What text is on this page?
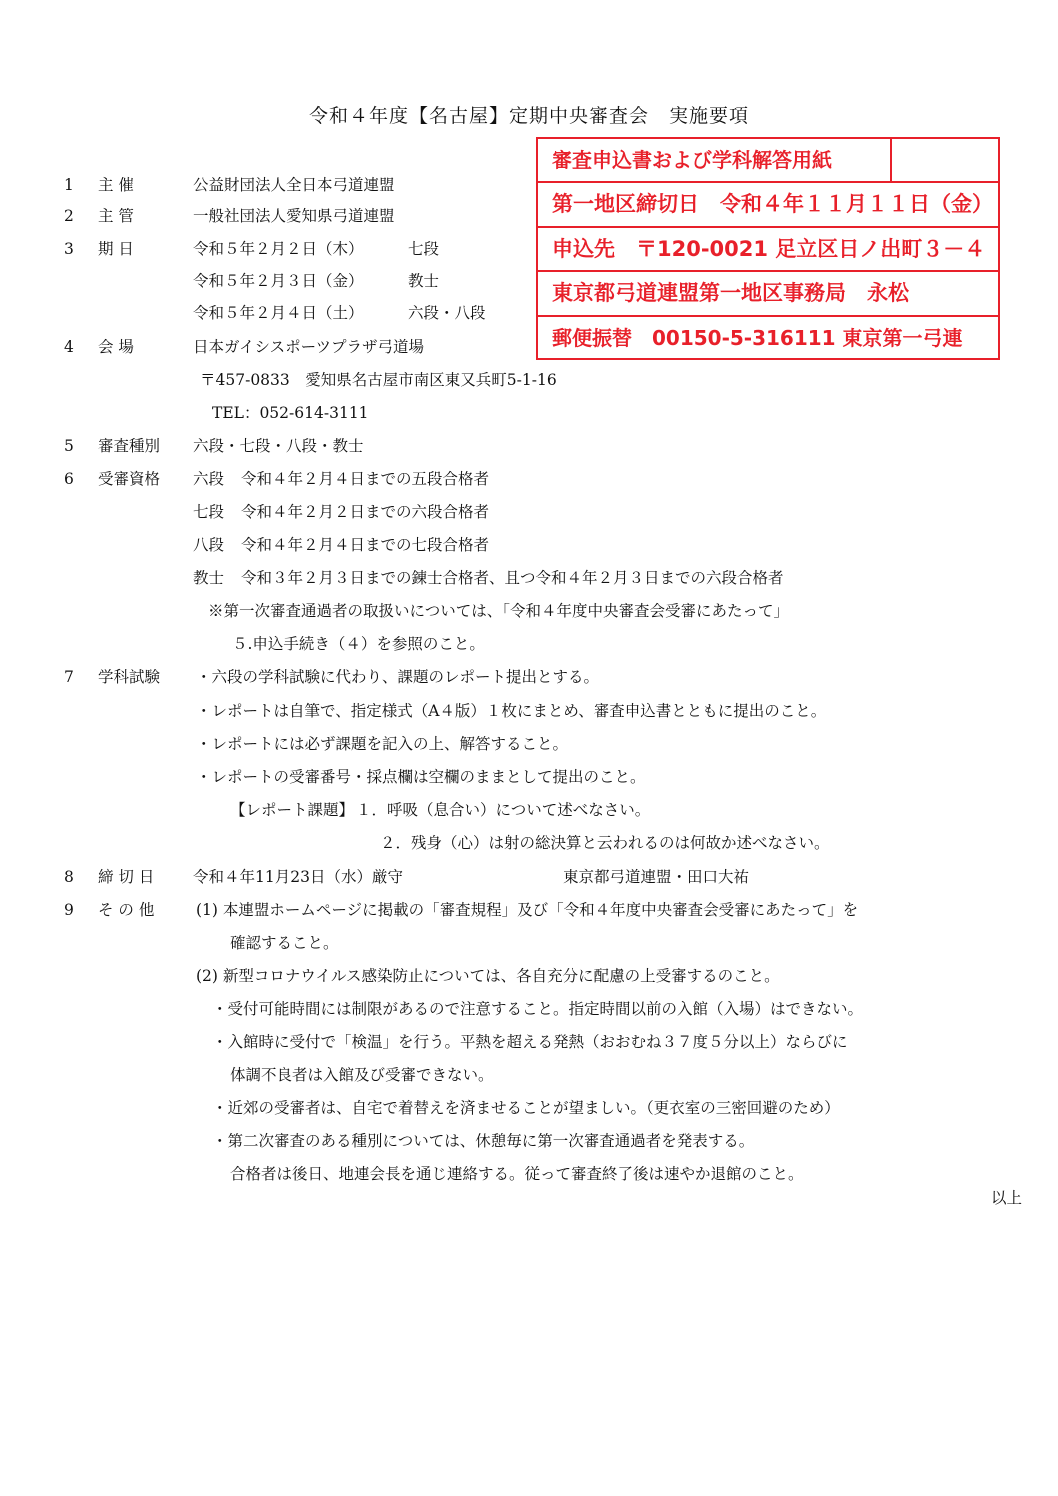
令和４年度【名古屋】定期中央審査会　実施要項
審査申込書および学科解答用紙
第一地区締切日　令和４年１１月１１日（金）
申込先　〒120-0021 足立区日ノ出町３－４
東京都弓道連盟第一地区事務局　永松
郵便振替　00150-5-316111 東京第一弓連
1 主 催	公益財団法人全日本弓道連盟
2 主 管	一般社団法人愛知県弓道連盟
3 期 日	令和５年２月２日（木）	七段
令和５年２月３日（金）	教士
令和５年２月４日（土）	六段・八段
4 会 場	日本ガイシスポーツプラザ弓道場
〒457-0833　愛知県名古屋市南区東又兵町5-1-16
TEL：052-614-3111
5 審査種別	六段・七段・八段・教士
6 受審資格	六段 令和４年２月４日までの五段合格者
七段 令和４年２月２日までの六段合格者
八段 令和４年２月４日までの七段合格者
教士 令和３年２月３日までの錬士合格者、且つ令和４年２月３日までの六段合格者
※第一次審査通過者の取扱いについては、「令和４年度中央審査会受審にあたって」
５.申込手続き（４）を参照のこと。
7 学科試験	・六段の学科試験に代わり、課題のレポート提出とする。
・レポートは自筆で、指定様式（A４版）１枚にまとめ、審査申込書とともに提出のこと。
・レポートには必ず課題を記入の上、解答すること。
・レポートの受審番号・採点欄は空欄のままとして提出のこと。
【レポート課題】 １．呼吸（息合い）について述べなさい。
２．残身（心）は射の総決算と云われるのは何故か述べなさい。
8 締 切 日	令和４年11月23日（水）厳守	東京都弓道連盟・田口大祐
9 そ の 他	(1) 本連盟ホームページに掲載の「審査規程」及び「令和４年度中央審査会受審にあたって」を
確認すること。
(2) 新型コロナウイルス感染防止については、各自充分に配慮の上受審するのこと。
・受付可能時間には制限があるので注意すること。指定時間以前の入館（入場）はできない。
・入館時に受付で「検温」を行う。平熱を超える発熱（おおむね３７度５分以上）ならびに
体調不良者は入館及び受審できない。
・近郊の受審者は、自宅で着替えを済ませることが望ましい。（更衣室の三密回避のため）
・第二次審査のある種別については、休憩毎に第一次審査通過者を発表する。
合格者は後日、地連会長を通じ連絡する。従って審査終了後は速やか退館のこと。
以上
